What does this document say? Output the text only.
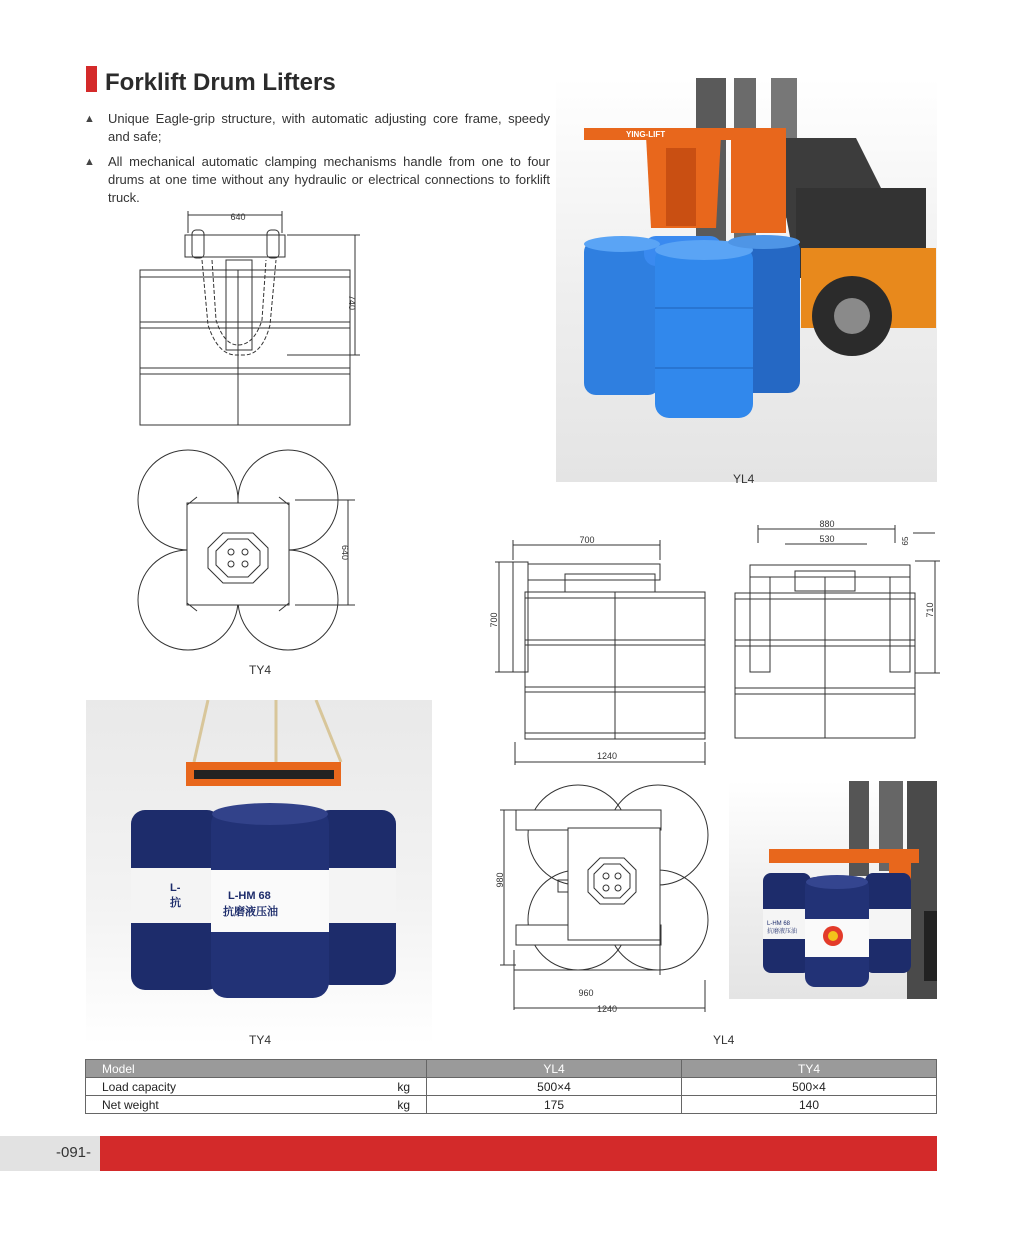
Forklift Drum Lifters
▲ Unique Eagle-grip structure, with automatic adjusting core frame, speedy and safe;
▲ All mechanical automatic clamping mechanisms handle from one to four drums at one time without any hydraulic or electrical connections to forklift truck.
640
740
640
TY4
YING-LIFT
YL4
700
700
1240
880
530	65
710
960
1240
980
L-
抗
L-HM 68
抗磨液压油
TY4
L-HM 68
抗磨液压油
YL4
Model	YL4	TY4
Load capacity kg	500×4	500×4
Net weight kg	175	140
-091-
